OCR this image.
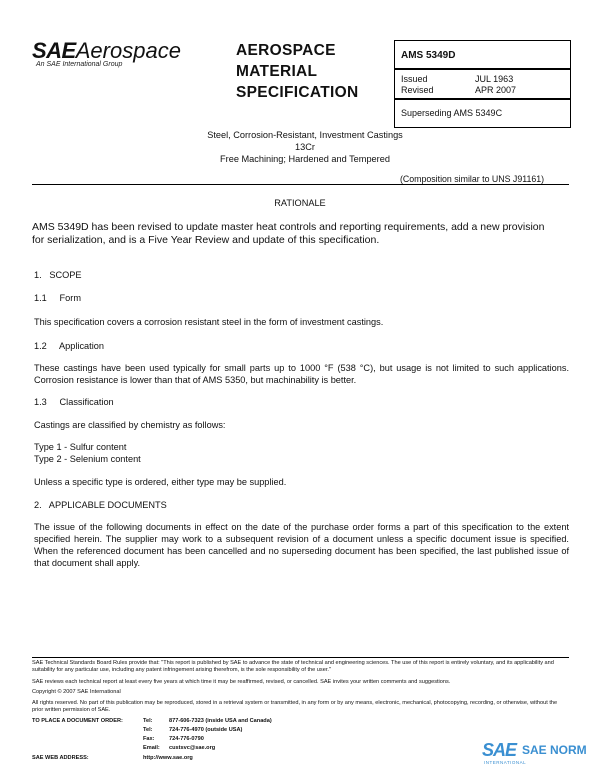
SAEAerospace
An SAE International Group
AEROSPACE
MATERIAL
SPECIFICATION
AMS 5349D
Issued	JUL 1963
Revised	APR 2007
Superseding AMS 5349C
Steel, Corrosion-Resistant, Investment Castings
13Cr
Free Machining; Hardened and Tempered
(Composition similar to UNS J91161)
RATIONALE
AMS 5349D has been revised to update master heat controls and reporting requirements, add a new provision for serialization, and is a Five Year Review and update of this specification.
1.   SCOPE
1.1     Form
This specification covers a corrosion resistant steel in the form of investment castings.
1.2     Application
These castings have been used typically for small parts up to 1000 °F (538 °C), but usage is not limited to such applications. Corrosion resistance is lower than that of AMS 5350, but machinability is better.
1.3     Classification
Castings are classified by chemistry as follows:
Type 1 - Sulfur content
Type 2 - Selenium content
Unless a specific type is ordered, either type may be supplied.
2.   APPLICABLE DOCUMENTS
The issue of the following documents in effect on the date of the purchase order forms a part of this specification to the extent specified herein. The supplier may work to a subsequent revision of a document unless a specific document issue is specified. When the referenced document has been cancelled and no superseding document has been specified, the last published issue of that document shall apply.
SAE Technical Standards Board Rules provide that: "This report is published by SAE to advance the state of technical and engineering sciences. The use of this report is entirely voluntary, and its applicability and suitability for any particular use, including any patent infringement arising therefrom, is the sole responsibility of the user."
SAE reviews each technical report at least every five years at which time it may be reaffirmed, revised, or cancelled. SAE invites your written comments and suggestions.
Copyright © 2007 SAE International
All rights reserved. No part of this publication may be reproduced, stored in a retrieval system or transmitted, in any form or by any means, electronic, mechanical, photocopying, recording, or otherwise, without the prior written permission of SAE.
TO PLACE A DOCUMENT ORDER:	Tel:	877-606-7323 (inside USA and Canada)
Tel:	724-776-4970 (outside USA)
Fax:	724-776-0790
Email: custsvc@sae.org
SAE WEB ADDRESS:	http://www.sae.org	SAE SAE NORM
INTERNATIONAL
